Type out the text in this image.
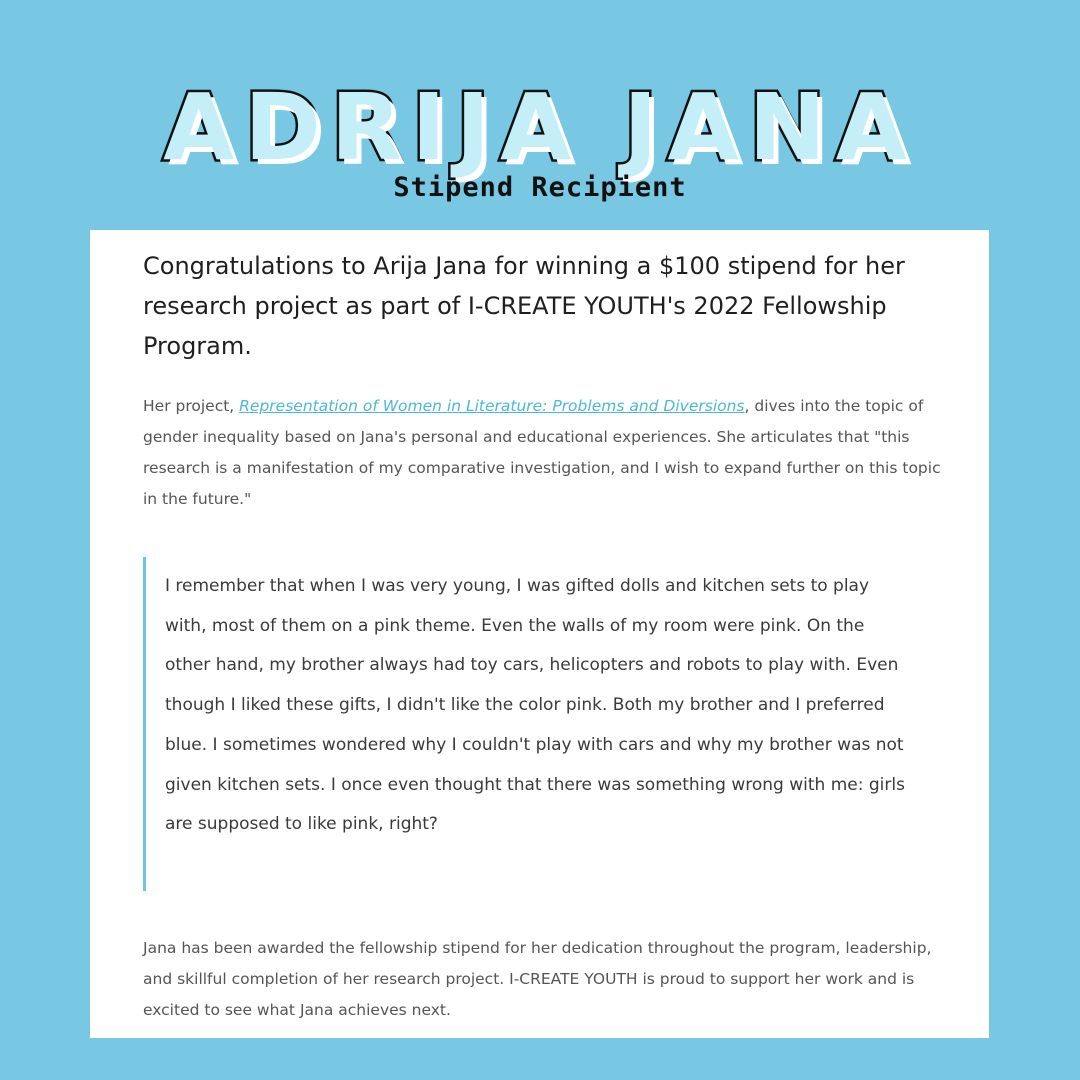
ADRIJA JANA
Stipend Recipient

Congratulations to Arija Jana for winning a $100 stipend for her research project as part of I-CREATE YOUTH's 2022 Fellowship Program.

Her project, Representation of Women in Literature: Problems and Diversions, dives into the topic of gender inequality based on Jana's personal and educational experiences. She articulates that "this research is a manifestation of my comparative investigation, and I wish to expand further on this topic in the future."

I remember that when I was very young, I was gifted dolls and kitchen sets to play with, most of them on a pink theme. Even the walls of my room were pink. On the other hand, my brother always had toy cars, helicopters and robots to play with. Even though I liked these gifts, I didn't like the color pink. Both my brother and I preferred blue. I sometimes wondered why I couldn't play with cars and why my brother was not given kitchen sets. I once even thought that there was something wrong with me: girls are supposed to like pink, right?

Jana has been awarded the fellowship stipend for her dedication throughout the program, leadership, and skillful completion of her research project. I-CREATE YOUTH is proud to support her work and is excited to see what Jana achieves next.
